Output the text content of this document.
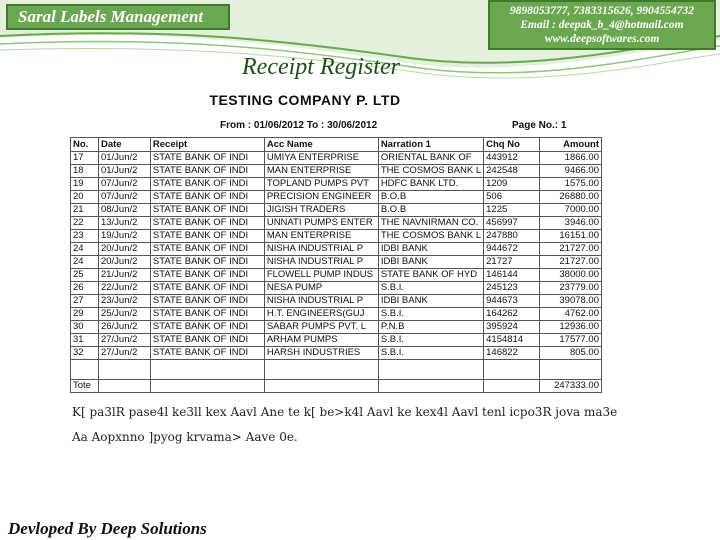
Saral Labels Management	9898053777, 7383315626, 9904554732
Email : deepak_b_4@hotmail.com
www.deepsoftwares.com
Receipt Register
TESTING COMPANY P. LTD
From : 01/06/2012 To : 30/06/2012	Page No.: 1
No.	Date	Receipt	Acc Name	Narration 1	Chq No	Amount
17	01/Jun/2	STATE BANK OF INDI	UMIYA ENTERPRISE	ORIENTAL BANK OF	443912	1866.00
18	01/Jun/2	STATE BANK OF INDI	MAN ENTERPRISE	THE COSMOS BANK L	242548	9466.00
19	07/Jun/2	STATE BANK OF INDI	TOPLAND PUMPS PVT	HDFC BANK LTD.	1209	1575.00
20	07/Jun/2	STATE BANK OF INDI	PRECISION ENGINEER	B.O.B	506	26880.00
21	08/Jun/2	STATE BANK OF INDI	JIGISH TRADERS	B.O.B	1225	7000.00
22	13/Jun/2	STATE BANK OF INDI	UNNATI PUMPS ENTER	THE NAVNIRMAN CO.	456997	3946.00
23	19/Jun/2	STATE BANK OF INDI	MAN ENTERPRISE	THE COSMOS BANK L	247880	16151.00
24	20/Jun/2	STATE BANK OF INDI	NISHA INDUSTRIAL P	IDBI BANK	944672	21727.00
24	20/Jun/2	STATE BANK OF INDI	NISHA INDUSTRIAL P	IDBI BANK	21727	21727.00
25	21/Jun/2	STATE BANK OF INDI	FLOWELL PUMP INDUS	STATE BANK OF HYD	146144	38000.00
26	22/Jun/2	STATE BANK OF INDI	NESA PUMP	S.B.I.	245123	23779.00
27	23/Jun/2	STATE BANK OF INDI	NISHA INDUSTRIAL P	IDBI BANK	944673	39078.00
29	25/Jun/2	STATE BANK OF INDI	H.T. ENGINEERS(GUJ	S.B.I.	164262	4762.00
30	26/Jun/2	STATE BANK OF INDI	SABAR PUMPS PVT. L	P.N.B	395924	12936.00
31	27/Jun/2	STATE BANK OF INDI	ARHAM PUMPS	S.B.I.	4154814	17577.00
32	27/Jun/2	STATE BANK OF INDI	HARSH INDUSTRIES	S.B.I.	146822	805.00

Tote						247333.00
K[ pa3lR pase4l ke3ll kex Aavl Ane te k[ be>k4l Aavl ke kex4l Aavl tenl icpo3R jova ma3e
Aa Aopxnno ]pyog krvama> Aave 0e.
Devloped By Deep Solutions
